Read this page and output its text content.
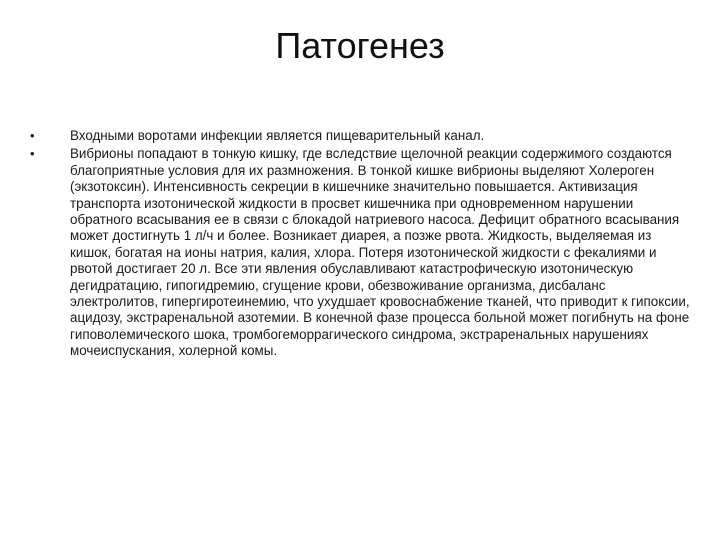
Патогенез
•	Входными воротами инфекции является пищеварительный канал.
•	Вибрионы попадают в тонкую кишку, где вследствие щелочной реакции содержимого создаются благоприятные условия для их размножения. В тонкой кишке вибрионы выделяют Холероген (экзотоксин). Интенсивность секреции в кишечнике значительно повышается. Активизация транспорта изотонической жидкости в просвет кишечника при одновременном нарушении обратного всасывания ее в связи с блокадой натриевого насоса. Дефицит обратного всасывания может достигнуть 1 л/ч и более. Возникает диарея, а позже рвота. Жидкость, выделяемая из кишок, богатая на ионы натрия, калия, хлора. Потеря изотонической жидкости с фекалиями и рвотой достигает 20 л. Все эти явления обуславливают катастрофическую изотоническую дегидратацию, гипогидремию, сгущение крови, обезвоживание организма, дисбаланс электролитов, гипергиротеинемию, что ухудшает кровоснабжение тканей, что приводит к гипоксии, ацидозу, экстраренальной азотемии. В конечной фазе процесса больной может погибнуть на фоне гиповолемического шока, тромбогеморрагического синдрома, экстраренальных нарушениях мочеиспускания, холерной комы.
